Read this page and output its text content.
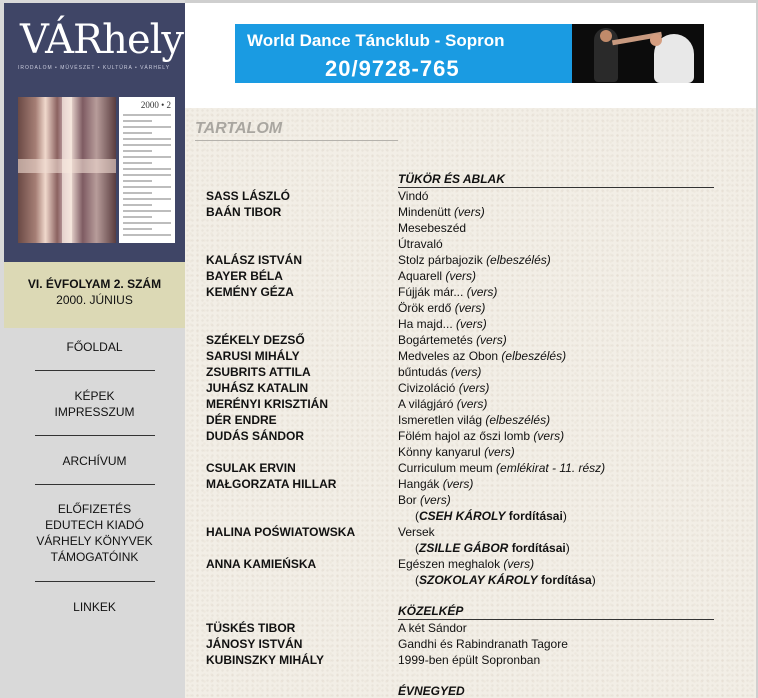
VÁRhely
IRODALOM • MŰVÉSZET • KULTÚRA • VÁRHELY
2000 • 2
VI. ÉVFOLYAM 2. SZÁM
2000. JÚNIUS
FŐOLDAL
KÉPEK
IMPRESSZUM
ARCHÍVUM
ELŐFIZETÉS
EDUTECH KIADÓ
VÁRHELY KÖNYVEK
TÁMOGATÓINK
LINKEK
World Dance Táncklub - Sopron
20/9728-765
TARTALOM
TÜKÖR ÉS ABLAK
SASS LÁSZLÓ
BAÁN TIBOR
KALÁSZ ISTVÁN
BAYER BÉLA
KEMÉNY GÉZA
SZÉKELY DEZSŐ
SARUSI MIHÁLY
ZSUBRITS ATTILA
JUHÁSZ KATALIN
MERÉNYI KRISZTIÁN
DÉR ENDRE
DUDÁS SÁNDOR
CSULAK ERVIN
MAŁGORZATA HILLAR
HALINA POŚWIATOWSKA
ANNA KAMIEŃSKA
Vindó
Mindenütt (vers)
Mesebeszéd
Útravaló
Stolz párbajozik (elbeszélés)
Aquarell (vers)
Fújják már... (vers)
Örök erdő (vers)
Ha majd... (vers)
Bogártemetés (vers)
Medveles az Obon (elbeszélés)
bűntudás (vers)
Civizoláció (vers)
A világjáró (vers)
Ismeretlen világ (elbeszélés)
Fölém hajol az őszi lomb (vers)
Könny kanyarul (vers)
Curriculum meum (emlékirat - 11. rész)
Hangák (vers)
Bor (vers)
(CSEH KÁROLY fordításai)
Versek
(ZSILLE GÁBOR fordításai)
Egészen meghalok (vers)
(SZOKOLAY KÁROLY fordítása)
KÖZELKÉP
TÜSKÉS TIBOR
JÁNOSY ISTVÁN
KUBINSZKY MIHÁLY
A két Sándor
Gandhi és Rabindranath Tagore
1999-ben épült Sopronban
ÉVNEGYED
